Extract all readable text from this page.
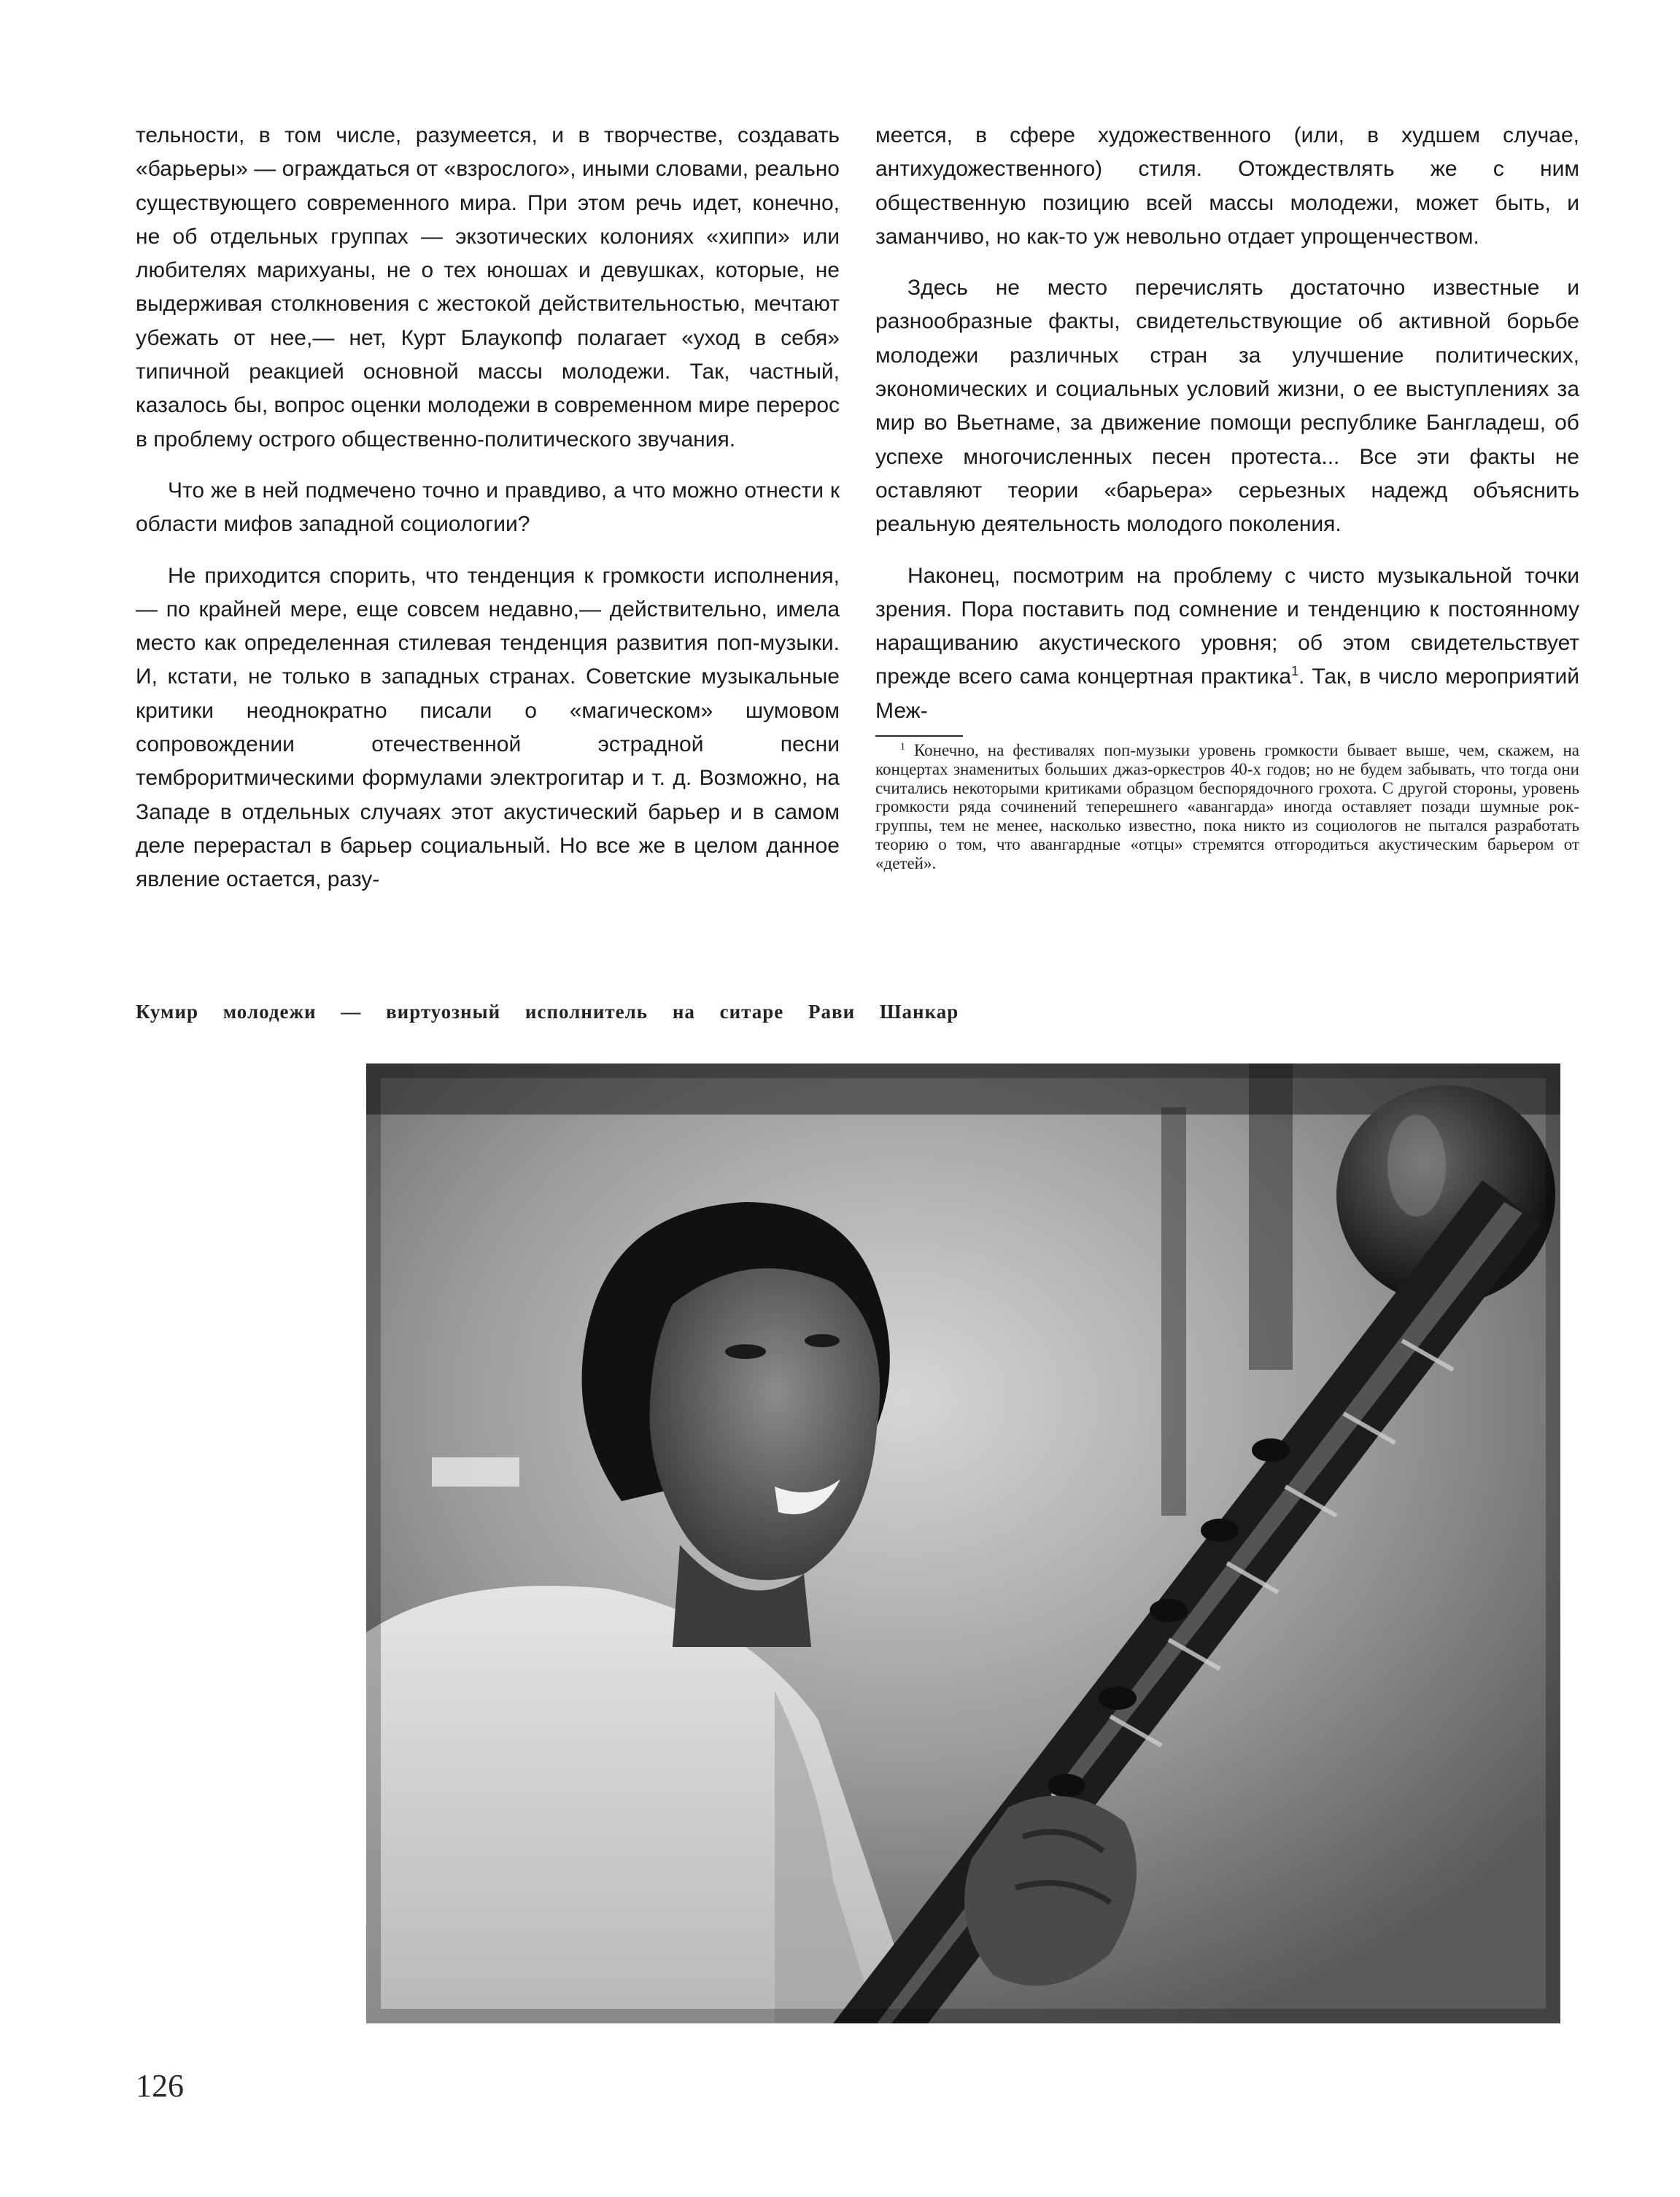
тельности, в том числе, разумеется, и в творчестве, создавать «барьеры» — ограждаться от «взрослого», иными словами, реально существующего современного мира. При этом речь идет, конечно, не об отдельных группах — экзотических колониях «хиппи» или любителях марихуаны, не о тех юношах и девушках, которые, не выдерживая столкновения с жестокой действительностью, мечтают убежать от нее,— нет, Курт Блаукопф полагает «уход в себя» типичной реакцией основной массы молодежи. Так, частный, казалось бы, вопрос оценки молодежи в современном мире перерос в проблему острого общественно-политического звучания.

Что же в ней подмечено точно и правдиво, а что можно отнести к области мифов западной социологии?

Не приходится спорить, что тенденция к громкости исполнения,— по крайней мере, еще совсем недавно,— действительно, имела место как определенная стилевая тенденция развития поп-музыки. И, кстати, не только в западных странах. Советские музыкальные критики неоднократно писали о «магическом» шумовом сопровождении отечественной эстрадной песни темброритмическими формулами электрогитар и т. д. Возможно, на Западе в отдельных случаях этот акустический барьер и в самом деле перерастал в барьер социальный. Но все же в целом данное явление остается, разу-

меется, в сфере художественного (или, в худшем случае, антихудожественного) стиля. Отождествлять же с ним общественную позицию всей массы молодежи, может быть, и заманчиво, но как-то уж невольно отдает упрощенчеством.

Здесь не место перечислять достаточно известные и разнообразные факты, свидетельствующие об активной борьбе молодежи различных стран за улучшение политических, экономических и социальных условий жизни, о ее выступлениях за мир во Вьетнаме, за движение помощи республике Бангладеш, об успехе многочисленных песен протеста... Все эти факты не оставляют теории «барьера» серьезных надежд объяснить реальную деятельность молодого поколения.

Наконец, посмотрим на проблему с чисто музыкальной точки зрения. Пора поставить под сомнение и тенденцию к постоянному наращиванию акустического уровня; об этом свидетельствует прежде всего сама концертная практика$^1$. Так, в число мероприятий Меж-

$^1$ Конечно, на фестивалях поп-музыки уровень громкости бывает выше, чем, скажем, на концертах знаменитых больших джаз-оркестров 40-х годов; но не будем забывать, что тогда они считались некоторыми критиками образцом беспорядочного грохота. С другой стороны, уровень громкости ряда сочинений теперешнего «авангарда» иногда оставляет позади шумные рок-группы, тем не менее, насколько известно, пока никто из социологов не пытался разработать теорию о том, что авангардные «отцы» стремятся отгородиться акустическим барьером от «детей».

Кумир молодежи — виртуозный исполнитель на ситаре Рави Шанкар
126
